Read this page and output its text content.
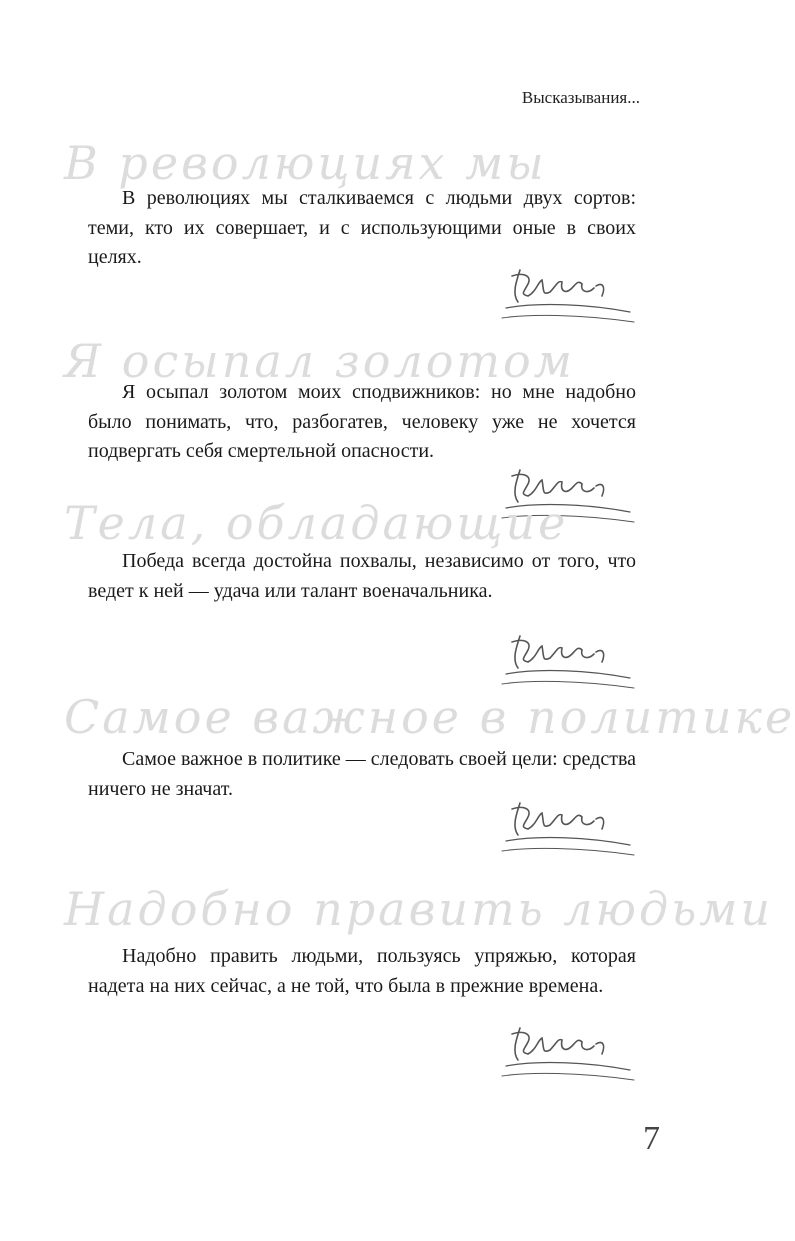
Высказывания...
В революциях мы

В революциях мы сталкиваемся с людьми двух сортов: теми, кто их совершает, и с использующими оные в своих целях.

Я осыпал золотом

Я осыпал золотом моих сподвижников: но мне надобно было понимать, что, разбогатев, человеку уже не хочется подвергать себя смертельной опасности.

Тела, обладающие

Победа всегда достойна похвалы, независимо от того, что ведет к ней — удача или талант военачальника.

Самое важное в политике

Самое важное в политике — следовать своей цели: средства ничего не значат.

Надобно править людьми

Надобно править людьми, пользуясь упряжью, которая надета на них сейчас, а не той, что была в прежние времена.

7
